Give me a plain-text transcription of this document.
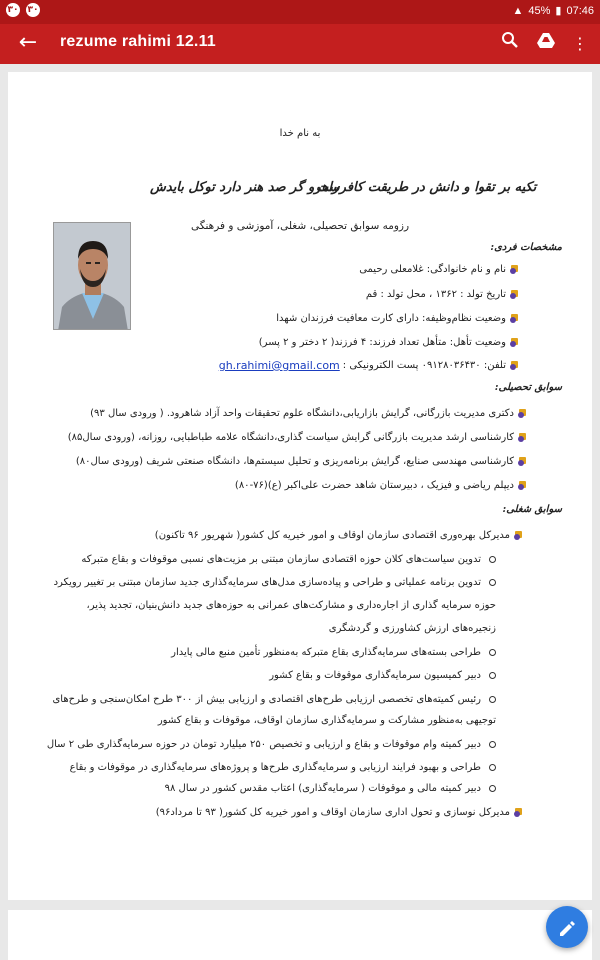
۳۰ ۳۰	▲ 45% ▮ 07:46
← rezume rahimi 12.11	⋮
به نام خدا
راهرو گر صد هنر دارد توکل بایدش
تکیه بر تقوا و دانش در طریقت کافرست
رزومه سوابق تحصیلی، شغلی، آموزشی و فرهنگی
مشخصات فردی:
نام و نام خانوادگی: غلامعلی رحیمی
تاریخ تولد : ۱۳۶۲ ، محل تولد : قم
وضعیت نظام‌وظیفه: دارای کارت معافیت فرزندان شهدا
وضعیت تأهل: متأهل تعداد فرزند: ۴ فرزند( ۲ دختر و ۲ پسر)
تلفن: ۰۹۱۲۸۰۳۶۴۳۰ پست الکترونیکی :
gh.rahimi@gmail.com
سوابق تحصیلی:
دکتری مدیریت بازرگانی، گرایش بازاریابی،دانشگاه علوم تحقیقات واحد آزاد شاهرود. ( ورودی سال ۹۳)
کارشناسی ارشد مدیریت بازرگانی گرایش سیاست گذاری،دانشگاه علامه طباطبایی، روزانه، (ورودی سال۸۵)
کارشناسی مهندسی صنایع، گرایش برنامه‌ریزی و تحلیل سیستم‌ها، دانشگاه صنعتی شریف (ورودی سال۸۰)
دیپلم ریاضی و فیزیک ، دبیرستان شاهد حضرت علی‌اکبر (ع)(۷۶-۸۰)
سوابق شغلی:
مدیرکل بهره‌وری اقتصادی سازمان اوقاف و امور خیریه کل کشور( شهریور ۹۶ تاکنون)
تدوین سیاست‌های کلان حوزه اقتصادی سازمان مبتنی بر مزیت‌های نسبی موقوفات و بقاع متبرکه
تدوین برنامه عملیاتی و طراحی و پیاده‌سازی مدل‌های سرمایه‌گذاری جدید سازمان مبتنی بر تغییر رویکرد
حوزه سرمایه گذاری از اجاره‌داری و مشارکت‌های عمرانی به حوزه‌های جدید دانش‌بنیان، تجدید پذیر،
زنجیره‌های ارزش کشاورزی و گردشگری
طراحی بسته‌های سرمایه‌گذاری بقاع متبرکه به‌منظور تأمین منبع مالی پایدار
دبیر کمیسیون سرمایه‌گذاری موقوفات و بقاع کشور
رئیس کمیته‌های تخصصی ارزیابی طرح‌های اقتصادی و ارزیابی بیش از ۳۰۰ طرح امکان‌سنجی و طرح‌های
توجیهی به‌منظور مشارکت و سرمایه‌گذاری سازمان اوقاف، موقوفات و بقاع کشور
دبیر کمیته وام موقوفات و بقاع و ارزیابی و تخصیص ۲۵۰ میلیارد تومان در حوزه سرمایه‌گذاری طی ۲ سال
طراحی و بهبود فرایند ارزیابی و سرمایه‌گذاری طرح‌ها و پروژه‌های سرمایه‌گذاری در موقوفات و بقاع
دبیر کمیته مالی و موقوفات ( سرمایه‌گذاری) اعتاب مقدس کشور در سال ۹۸
مدیرکل نوسازی و تحول اداری سازمان اوقاف و امور خیریه کل کشور( ۹۳ تا مرداد۹۶)
